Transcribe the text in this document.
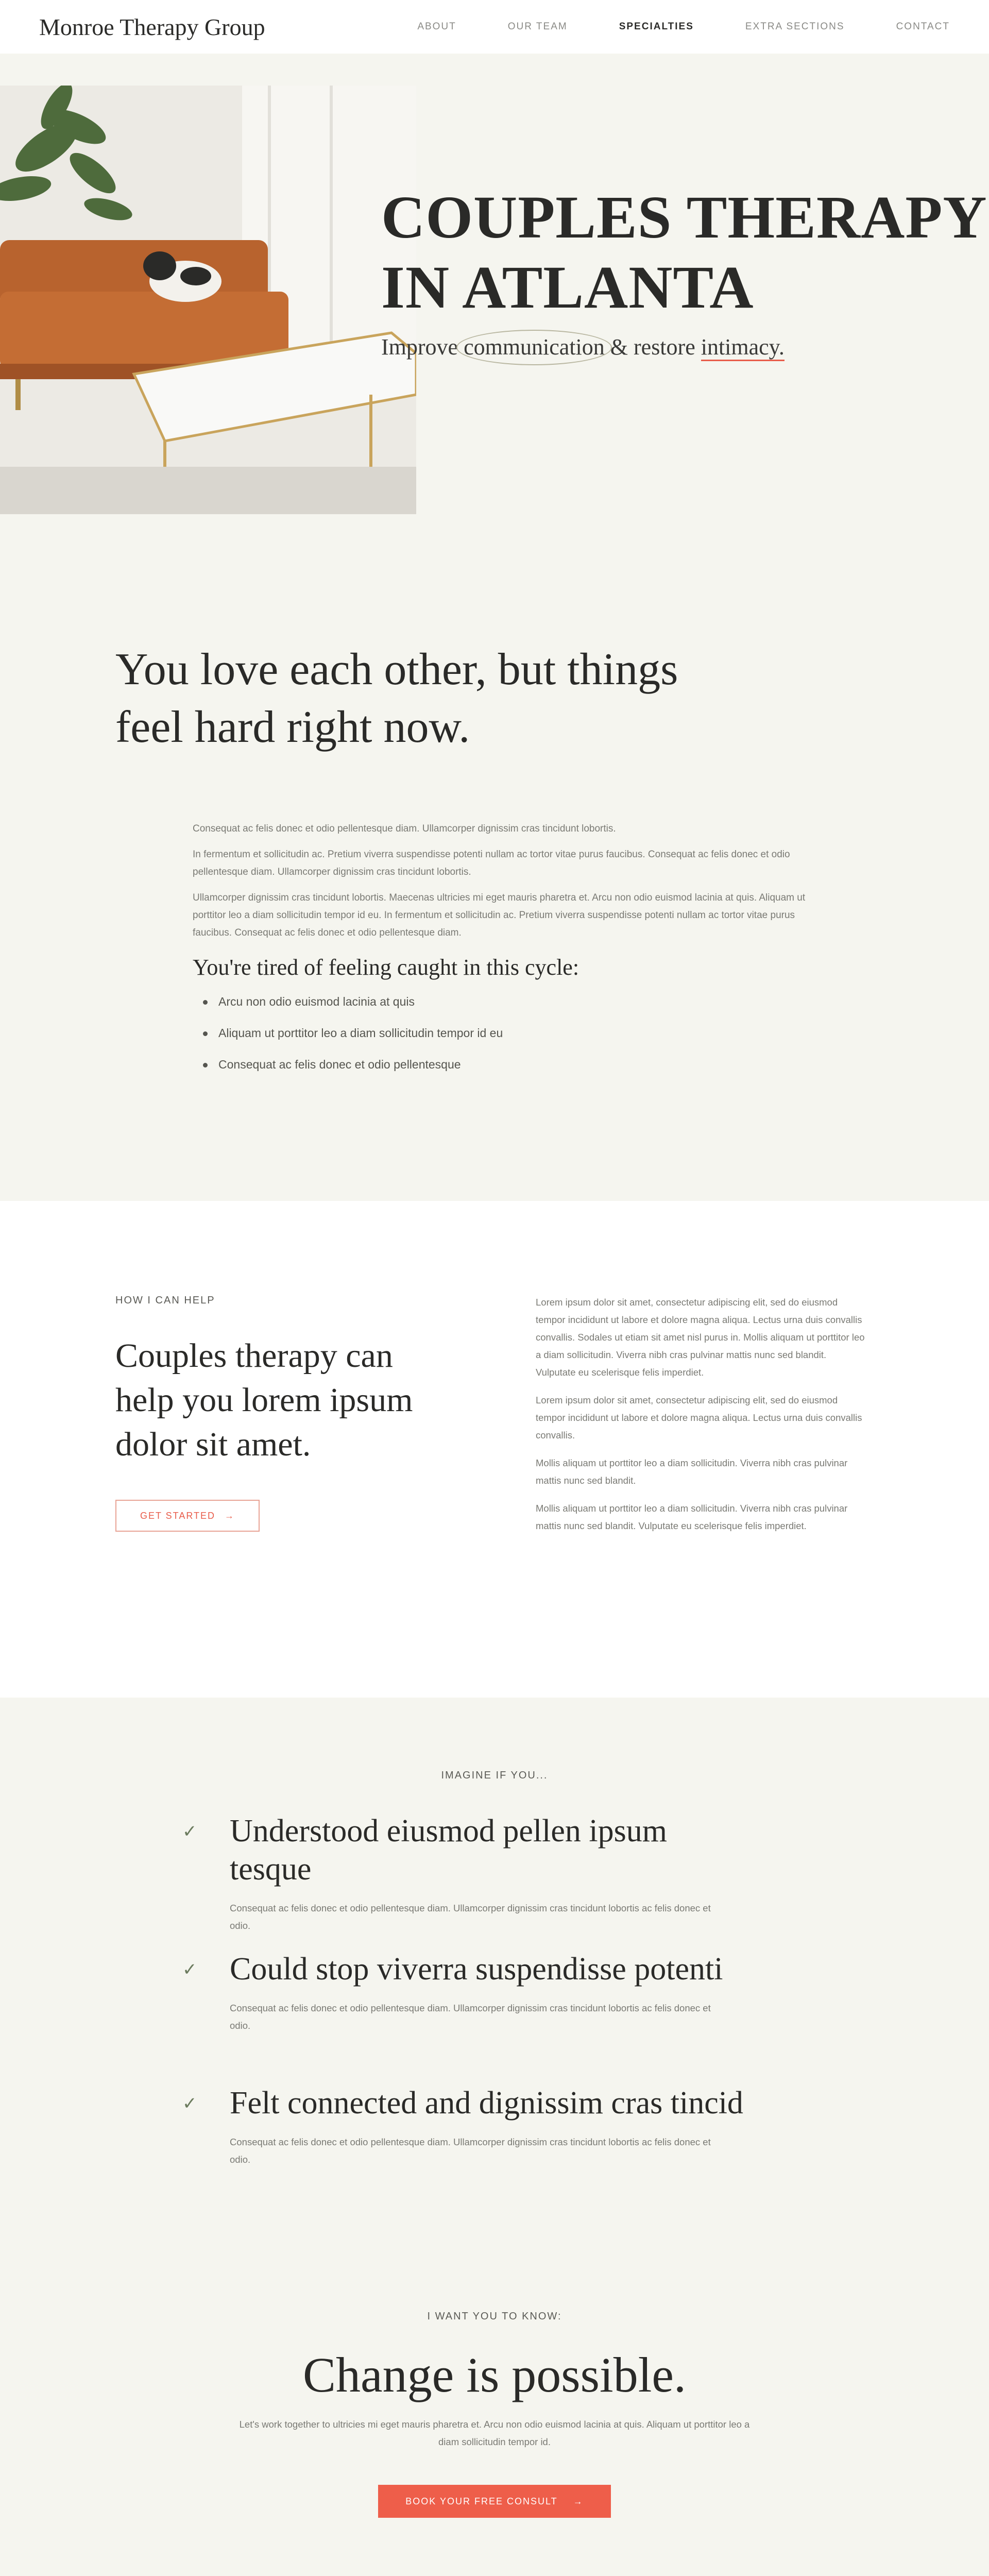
Monroe Therapy Group	ABOUT	OUR TEAM	SPECIALTIES	EXTRA SECTIONS	CONTACT
COUPLES THERAPY
IN ATLANTA
Improve communication & restore intimacy.
You love each other, but things feel hard right now.

Consequat ac felis donec et odio pellentesque diam. Ullamcorper dignissim cras tincidunt lobortis.

In fermentum et sollicitudin ac. Pretium viverra suspendisse potenti nullam ac tortor vitae purus faucibus. Consequat ac felis donec et odio pellentesque diam. Ullamcorper dignissim cras tincidunt lobortis.

Ullamcorper dignissim cras tincidunt lobortis. Maecenas ultricies mi eget mauris pharetra et. Arcu non odio euismod lacinia at quis. Aliquam ut porttitor leo a diam sollicitudin tempor id eu. In fermentum et sollicitudin ac. Pretium viverra suspendisse potenti nullam ac tortor vitae purus faucibus. Consequat ac felis donec et odio pellentesque diam.

You're tired of feeling caught in this cycle:
Arcu non odio euismod lacinia at quis
Aliquam ut porttitor leo a diam sollicitudin tempor id eu
Consequat ac felis donec et odio pellentesque
HOW I CAN HELP
Couples therapy can help you lorem ipsum dolor sit amet.
GET STARTED →

Lorem ipsum dolor sit amet, consectetur adipiscing elit, sed do eiusmod tempor incididunt ut labore et dolore magna aliqua. Lectus urna duis convallis convallis. Sodales ut etiam sit amet nisl purus in. Mollis aliquam ut porttitor leo a diam sollicitudin. Viverra nibh cras pulvinar mattis nunc sed blandit. Vulputate eu scelerisque felis imperdiet.

Lorem ipsum dolor sit amet, consectetur adipiscing elit, sed do eiusmod tempor incididunt ut labore et dolore magna aliqua. Lectus urna duis convallis convallis.

Mollis aliquam ut porttitor leo a diam sollicitudin. Viverra nibh cras pulvinar mattis nunc sed blandit.

Mollis aliquam ut porttitor leo a diam sollicitudin. Viverra nibh cras pulvinar mattis nunc sed blandit. Vulputate eu scelerisque felis imperdiet.

IMAGINE IF YOU...
✓ Understood eiusmod pellen ipsum tesque

Consequat ac felis donec et odio pellentesque diam. Ullamcorper dignissim cras tincidunt lobortis ac felis donec et odio.

✓ Could stop viverra suspendisse potenti

Consequat ac felis donec et odio pellentesque diam. Ullamcorper dignissim cras tincidunt lobortis ac felis donec et odio.

✓ Felt connected and dignissim cras tincid

Consequat ac felis donec et odio pellentesque diam. Ullamcorper dignissim cras tincidunt lobortis ac felis donec et odio.

I WANT YOU TO KNOW:
Change is possible.

Let's work together to ultricies mi eget mauris pharetra et. Arcu non odio euismod lacinia at quis. Aliquam ut porttitor leo a diam sollicitudin tempor id.

BOOK YOUR FREE CONSULT →
